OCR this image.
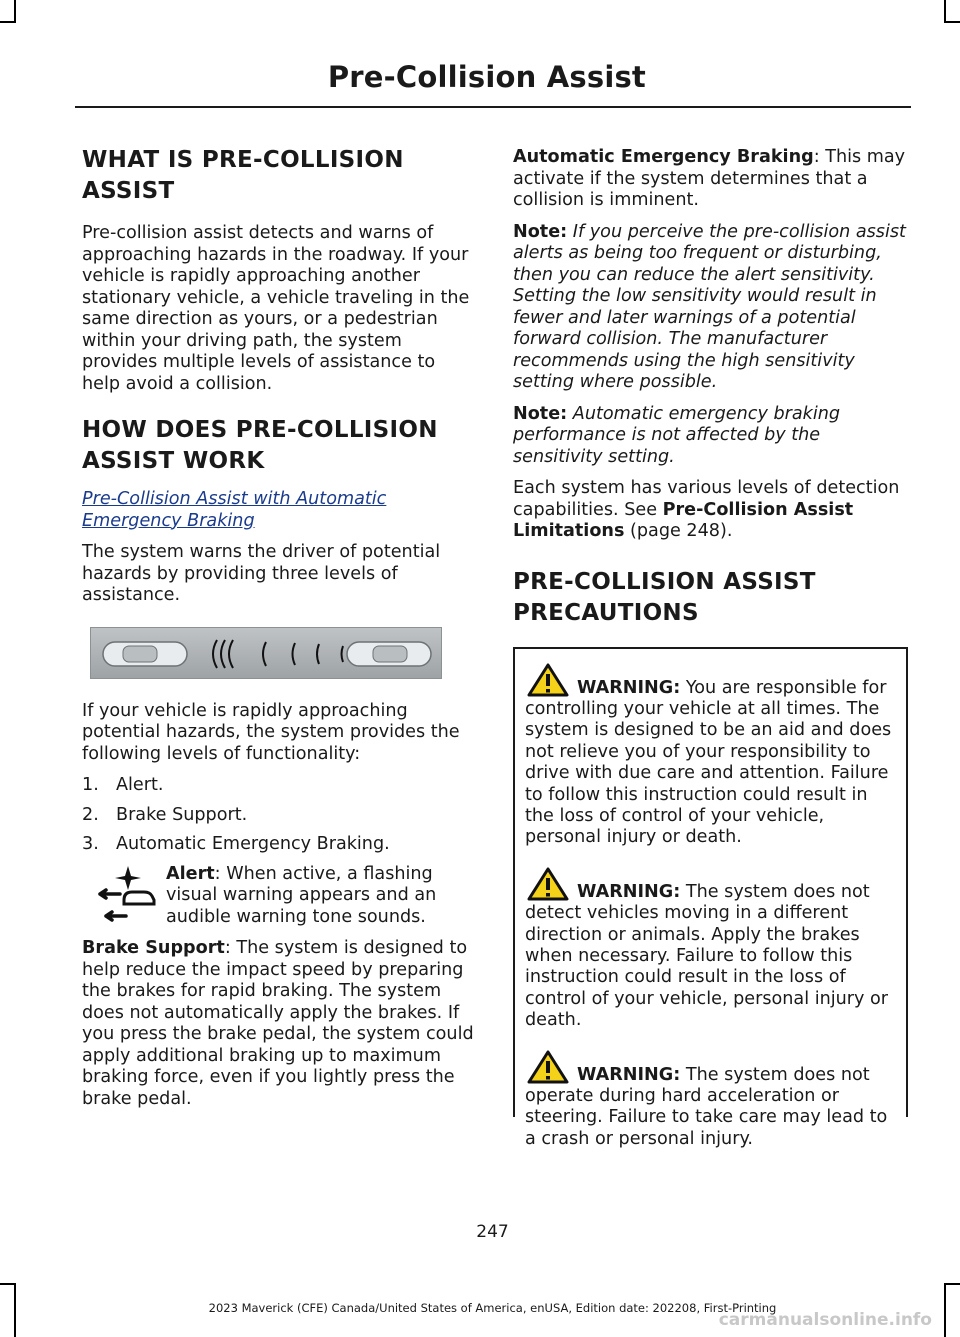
Pre-Collision Assist
WHAT IS PRE-COLLISION ASSIST

Pre-collision assist detects and warns of approaching hazards in the roadway. If your vehicle is rapidly approaching another stationary vehicle, a vehicle traveling in the same direction as yours, or a pedestrian within your driving path, the system provides multiple levels of assistance to help avoid a collision.

HOW DOES PRE-COLLISION ASSIST WORK
Pre-Collision Assist with Automatic Emergency Braking

The system warns the driver of potential hazards by providing three levels of assistance.

If your vehicle is rapidly approaching potential hazards, the system provides the following levels of functionality:

1. Alert.
2. Brake Support.
3. Automatic Emergency Braking.

Alert: When active, a flashing visual warning appears and an audible warning tone sounds.

Brake Support: The system is designed to help reduce the impact speed by preparing the brakes for rapid braking. The system does not automatically apply the brakes. If you press the brake pedal, the system could apply additional braking up to maximum braking force, even if you lightly press the brake pedal.

Automatic Emergency Braking: This may activate if the system determines that a collision is imminent.

Note: If you perceive the pre-collision assist alerts as being too frequent or disturbing, then you can reduce the alert sensitivity. Setting the low sensitivity would result in fewer and later warnings of a potential forward collision. The manufacturer recommends using the high sensitivity setting where possible.

Note: Automatic emergency braking performance is not affected by the sensitivity setting.

Each system has various levels of detection capabilities. See Pre-Collision Assist Limitations (page 248).

PRE-COLLISION ASSIST PRECAUTIONS

WARNING: You are responsible for controlling your vehicle at all times. The system is designed to be an aid and does not relieve you of your responsibility to drive with due care and attention. Failure to follow this instruction could result in the loss of control of your vehicle, personal injury or death.

WARNING: The system does not detect vehicles moving in a different direction or animals. Apply the brakes when necessary. Failure to follow this instruction could result in the loss of control of your vehicle, personal injury or death.

WARNING: The system does not operate during hard acceleration or steering. Failure to take care may lead to a crash or personal injury.

247
2023 Maverick (CFE) Canada/United States of America, enUSA, Edition date: 202208, First-Printing
carmanualsonline.info
